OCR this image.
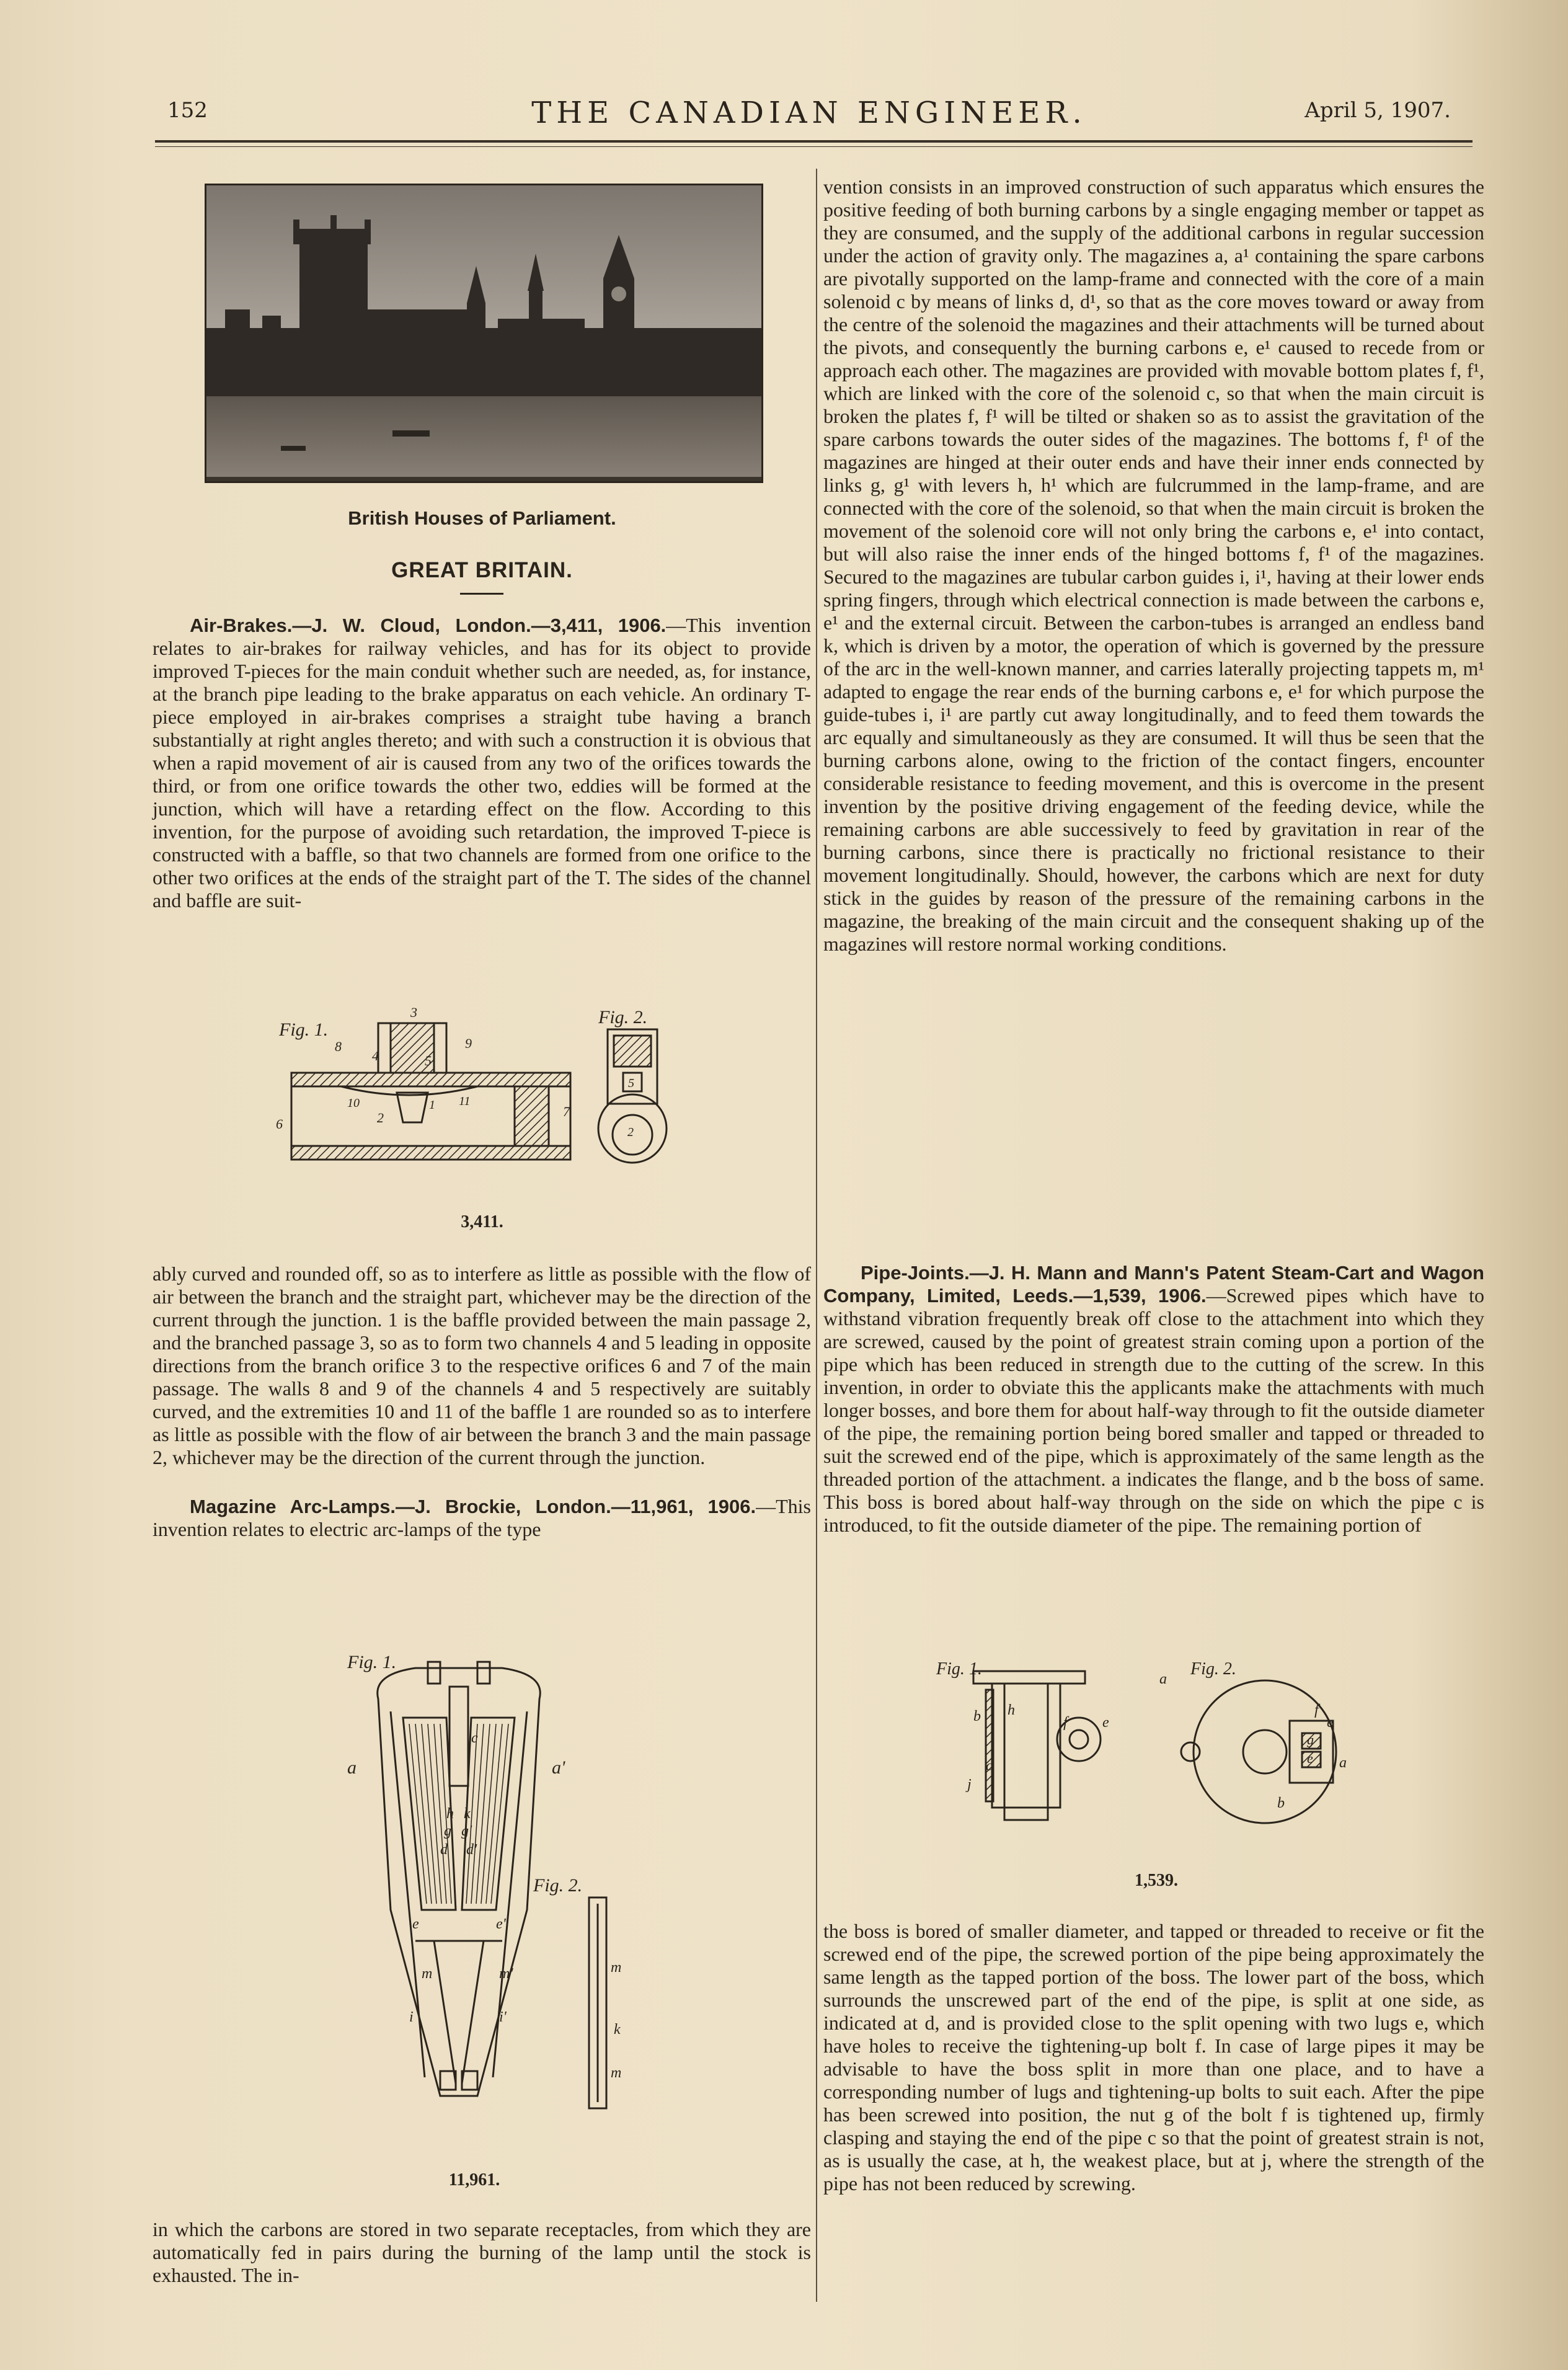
152	THE CANADIAN ENGINEER.	April 5, 1907.
British Houses of Parliament.
GREAT BRITAIN.

Air-Brakes.—J. W. Cloud, London.—3,411, 1906.—This invention relates to air-brakes for railway vehicles, and has for its object to provide improved T-pieces for the main conduit whether such are needed, as, for instance, at the branch pipe leading to the brake apparatus on each vehicle. An ordinary T-piece employed in air-brakes comprises a straight tube having a branch substantially at right angles thereto; and with such a construction it is obvious that when a rapid movement of air is caused from any two of the orifices towards the third, or from one orifice towards the other two, eddies will be formed at the junction, which will have a retarding effect on the flow. According to this invention, for the purpose of avoiding such retardation, the improved T-piece is constructed with a baffle, so that two channels are formed from one orifice to the other two orifices at the ends of the straight part of the T. The sides of the channel and baffle are suit-

Fig. 1.
Fig. 2.
3
8
4	5
9
10
2
1 11
6
7
2
5
3,411.

ably curved and rounded off, so as to interfere as little as possible with the flow of air between the branch and the straight part, whichever may be the direction of the current through the junction. 1 is the baffle provided between the main passage 2, and the branched passage 3, so as to form two channels 4 and 5 leading in opposite directions from the branch orifice 3 to the respective orifices 6 and 7 of the main passage. The walls 8 and 9 of the channels 4 and 5 respectively are suitably curved, and the extremities 10 and 11 of the baffle 1 are rounded so as to interfere as little as possible with the flow of air between the branch 3 and the main passage 2, whichever may be the direction of the current through the junction.

Magazine Arc-Lamps.—J. Brockie, London.—11,961, 1906.—This invention relates to electric arc-lamps of the type

Fig. 1.
Fig. 2.
a	a'
c
d d'
g g'
h k
e	e'
m	m'
i	i'
m
k
m
11,961.

in which the carbons are stored in two separate receptacles, from which they are automatically fed in pairs during the burning of the lamp until the stock is exhausted. The in-

vention consists in an improved construction of such apparatus which ensures the positive feeding of both burning carbons by a single engaging member or tappet as they are consumed, and the supply of the additional carbons in regular succession under the action of gravity only. The magazines a, a¹ containing the spare carbons are pivotally supported on the lamp-frame and connected with the core of a main solenoid c by means of links d, d¹, so that as the core moves toward or away from the centre of the solenoid the magazines and their attachments will be turned about the pivots, and consequently the burning carbons e, e¹ caused to recede from or approach each other. The magazines are provided with movable bottom plates f, f¹, which are linked with the core of the solenoid c, so that when the main circuit is broken the plates f, f¹ will be tilted or shaken so as to assist the gravitation of the spare carbons towards the outer sides of the magazines. The bottoms f, f¹ of the magazines are hinged at their outer ends and have their inner ends connected by links g, g¹ with levers h, h¹ which are fulcrummed in the lamp-frame, and are connected with the core of the solenoid, so that when the main circuit is broken the movement of the solenoid core will not only bring the carbons e, e¹ into contact, but will also raise the inner ends of the hinged bottoms f, f¹ of the magazines. Secured to the magazines are tubular carbon guides i, i¹, having at their lower ends spring fingers, through which electrical connection is made between the carbons e, e¹ and the external circuit. Between the carbon-tubes is arranged an endless band k, which is driven by a motor, the operation of which is governed by the pressure of the arc in the well-known manner, and carries laterally projecting tappets m, m¹ adapted to engage the rear ends of the burning carbons e, e¹ for which purpose the guide-tubes i, i¹ are partly cut away longitudinally, and to feed them towards the arc equally and simultaneously as they are consumed. It will thus be seen that the burning carbons alone, owing to the friction of the contact fingers, encounter considerable resistance to feeding movement, and this is overcome in the present invention by the positive driving engagement of the feeding device, while the remaining carbons are able successively to feed by gravitation in rear of the burning carbons, since there is practically no frictional resistance to their movement longitudinally. Should, however, the carbons which are next for duty stick in the guides by reason of the pressure of the remaining carbons in the magazine, the breaking of the main circuit and the consequent shaking up of the magazines will restore normal working conditions.

Pipe-Joints.—J. H. Mann and Mann's Patent Steam-Cart and Wagon Company, Limited, Leeds.—1,539, 1906.—Screwed pipes which have to withstand vibration frequently break off close to the attachment into which they are screwed, caused by the point of greatest strain coming upon a portion of the pipe which has been reduced in strength due to the cutting of the screw. In this invention, in order to obviate this the applicants make the attachments with much longer bosses, and bore them for about half-way through to fit the outside diameter of the pipe, the remaining portion being bored smaller and tapped or threaded to suit the screwed end of the pipe, which is approximately of the same length as the threaded portion of the attachment. a indicates the flange, and b the boss of same. This boss is bored about half-way through on the side on which the pipe c is introduced, to fit the outside diameter of the pipe. The remaining portion of

Fig. 1.	Fig. 2.
a
e
a
b
f
g
e
b h
c
j
f e
1,539.

the boss is bored of smaller diameter, and tapped or threaded to receive or fit the screwed end of the pipe, the screwed portion of the pipe being approximately the same length as the tapped portion of the boss. The lower part of the boss, which surrounds the unscrewed part of the end of the pipe, is split at one side, as indicated at d, and is provided close to the split opening with two lugs e, which have holes to receive the tightening-up bolt f. In case of large pipes it may be advisable to have the boss split in more than one place, and to have a corresponding number of lugs and tightening-up bolts to suit each. After the pipe has been screwed into position, the nut g of the bolt f is tightened up, firmly clasping and staying the end of the pipe c so that the point of greatest strain is not, as is usually the case, at h, the weakest place, but at j, where the strength of the pipe has not been reduced by screwing.
